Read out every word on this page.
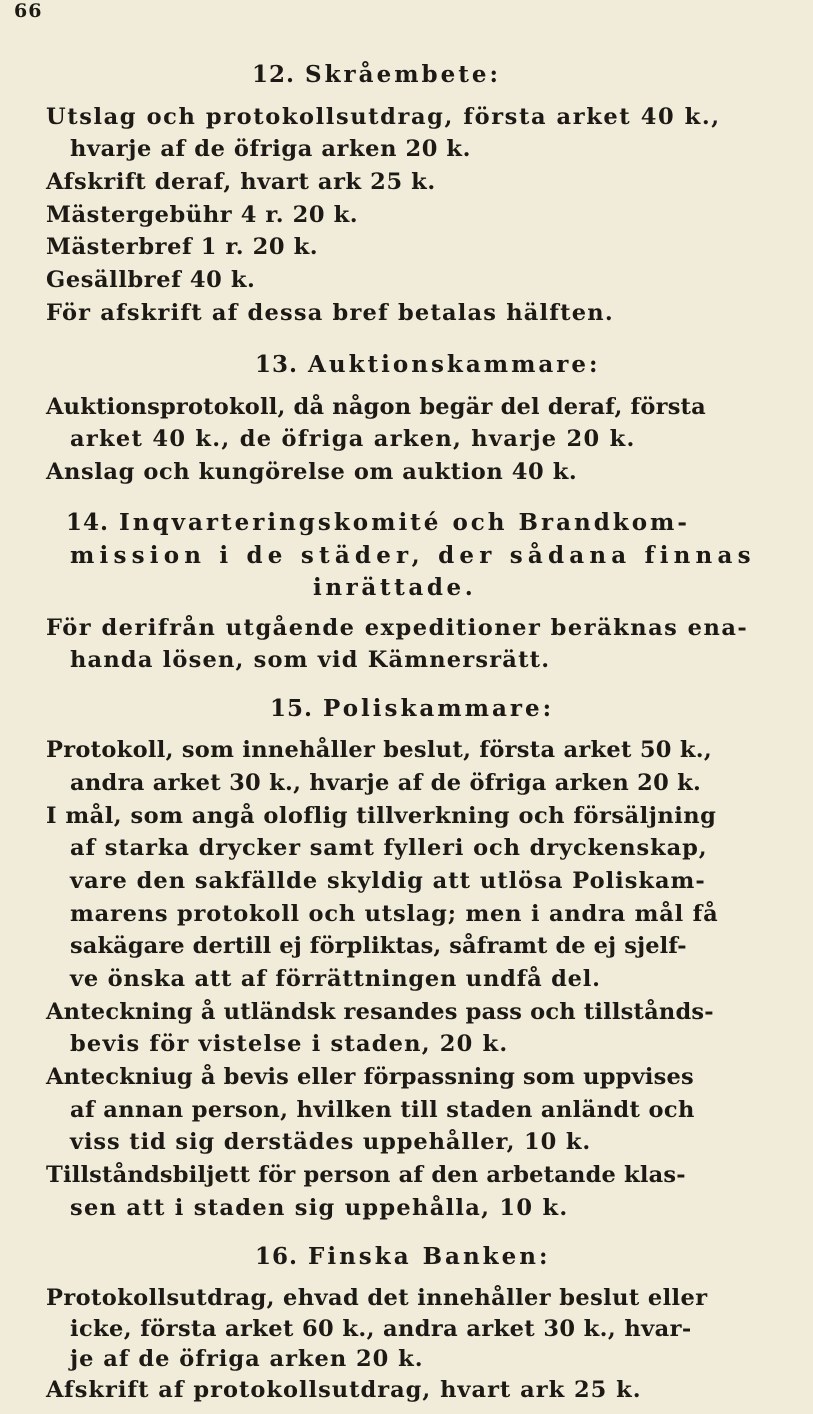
66
12. Skråembete:
Utslag och protokollsutdrag, första arket 40 k.,
hvarje af de öfriga arken 20 k.
Afskrift deraf, hvart ark 25 k.
Mästergebühr 4 r. 20 k.
Mästerbref 1 r. 20 k.
Gesällbref 40 k.
För afskrift af dessa bref betalas hälften.
13. Auktionskammare:
Auktionsprotokoll, då någon begär del deraf, första
arket 40 k., de öfriga arken, hvarje 20 k.
Anslag och kungörelse om auktion 40 k.
14. Inqvarteringskomité och Brandkom-
mission i de städer, der sådana finnas
inrättade.
För derifrån utgående expeditioner beräknas ena-
handa lösen, som vid Kämnersrätt.
15. Poliskammare:
Protokoll, som innehåller beslut, första arket 50 k.,
andra arket 30 k., hvarje af de öfriga arken 20 k.
I mål, som angå oloflig tillverkning och försäljning
af starka drycker samt fylleri och dryckenskap,
vare den sakfällde skyldig att utlösa Poliskam-
marens protokoll och utslag; men i andra mål få
sakägare dertill ej förpliktas, såframt de ej sjelf-
ve önska att af förrättningen undfå del.
Anteckning å utländsk resandes pass och tillstånds-
bevis för vistelse i staden, 20 k.
Anteckniug å bevis eller förpassning som uppvises
af annan person, hvilken till staden anländt och
viss tid sig derstädes uppehåller, 10 k.
Tillståndsbiljett för person af den arbetande klas-
sen att i staden sig uppehålla, 10 k.
16. Finska Banken:
Protokollsutdrag, ehvad det innehåller beslut eller
icke, första arket 60 k., andra arket 30 k., hvar-
je af de öfriga arken 20 k.
Afskrift af protokollsutdrag, hvart ark 25 k.
